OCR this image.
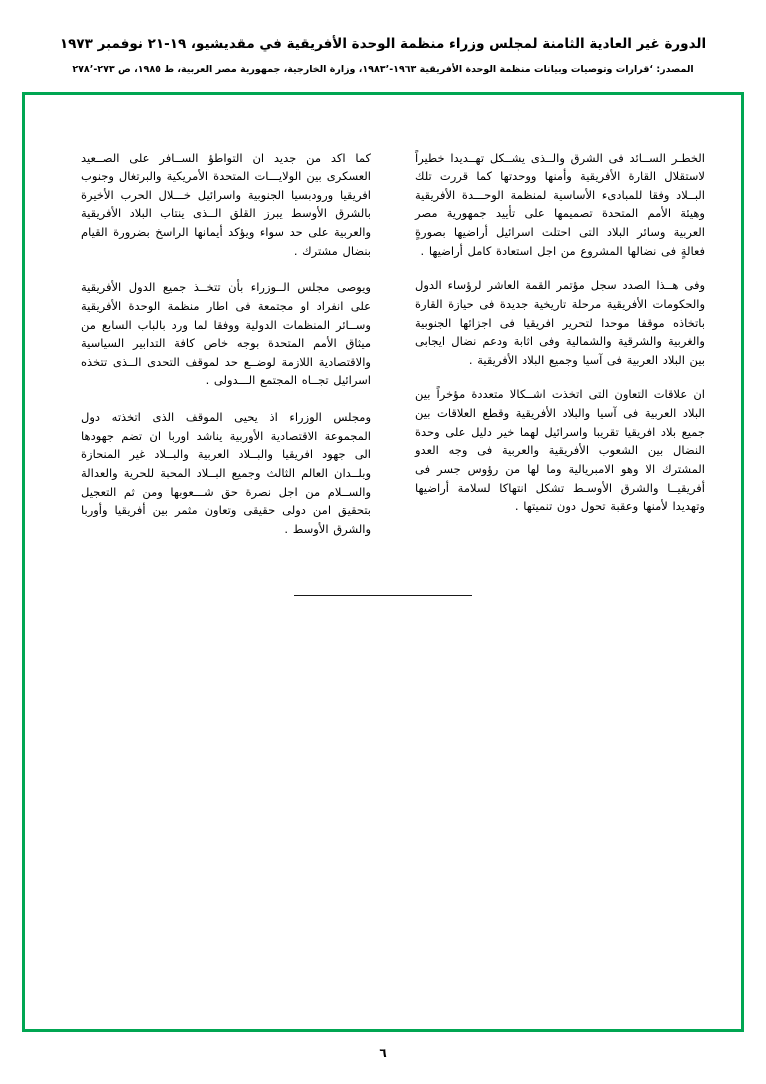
الدورة غير العادية الثامنة لمجلس وزراء منظمة الوحدة الأفريقية في مقديشيو، ١٩-٢١ نوفمبر ١٩٧٣
المصدر: ʻقرارات وتوصيات وبيانات منظمة الوحدة الأفريقية ١٩٦٣-١٩٨٣ʼ، وزارة الخارجية، جمهورية مصر العربية، ط ١٩٨٥، ص ٢٧٣-٢٧٨ʼ

الخطـر الســائد فى الشرق والــذى يشــكل تهــديدا خطيراً لاستقلال القارة الأفريقية وأمنها ووحدتها كما قررت تلك البــلاد وفقا للمبادىء الأساسية لمنظمة الوحـــدة الأفريقية وهيئة الأمم المتحدة تصميمها على تأييد جمهورية مصر العربية وسائر البلاد التى احتلت اسرائيل أراضيها بصورةٍ فعالةٍ فى نضالها المشروع من اجل استعادة كامل أراضيها .

وفى هــذا الصدد سجل مؤتمر القمة العاشر لرؤساء الدول والحكومات الأفريقية مرحلة تاريخية جديدة فى حيازة القارة باتخاذه موقفا موحدا لتحرير افريقيا فى اجزائها الجنوبية والغربية والشرقية والشمالية وفى اثابة ودعم نضال ايجابى بين البلاد العربية فى آسيا وجميع البلاد الأفريقية .

ان علاقات التعاون التى اتخذت اشــكالا متعددة مؤخراً بين البلاد العربية فى آسيا والبلاد الأفريقية وقطع العلاقات بين جميع بلاد افريقيا تقريبا واسرائيل لهما خير دليل على وحدة النضال بين الشعوب الأفريقية والعربية فى وجه العدو المشترك الا وهو الامبريالية وما لها من رؤوس جسر فى أفريقيــا والشرق الأوسـط تشكل انتهاكا لسلامة أراضيها وتهديدا لأمنها وعقبة تحول دون تنميتها .

كما اكد من جديد ان التواطؤ الســافر على الصــعيد العسكرى بين الولايـــات المتحدة الأمريكية والبرتغال وجنوب افريقيا ورودبسيا الجنوبية واسرائيل خـــلال الحرب الأخيرة بالشرق الأوسط يبرز القلق الــذى ينتاب البلاد الأفريقية والعربية على حد سواء ويؤكد أيمانها الراسخ بضرورة القيام بنضال مشترك .

ويوصى مجلس الــوزراء بأن تتخــذ جميع الدول الأفريقية على انفراد او مجتمعة فى اطار منظمة الوحدة الأفريقية وســائر المنظمات الدولية ووفقا لما ورد بالباب السابع من ميثاق الأمم المتحدة بوجه خاص كافة التدابير السياسية والاقتصادية اللازمة لوضــع حد لموقف التحدى الــذى تتخذه اسرائيل تجــاه المجتمع الـــدولى .

ومجلس الوزراء اذ يحيى الموقف الذى اتخذته دول المجموعة الاقتصادية الأوربية يناشد اوربا ان تضم جهودها الى جهود افريقيا والبــلاد العربية والبــلاد غير المنحازة وبلــدان العالم الثالث وجميع البــلاد المحبة للحرية والعدالة والســلام من اجل نصرة حق شـــعوبها ومن ثم التعجيل بتحقيق امن دولى حقيقى وتعاون مثمر بين أفريقيا وأوربا والشرق الأوسط .

٦
